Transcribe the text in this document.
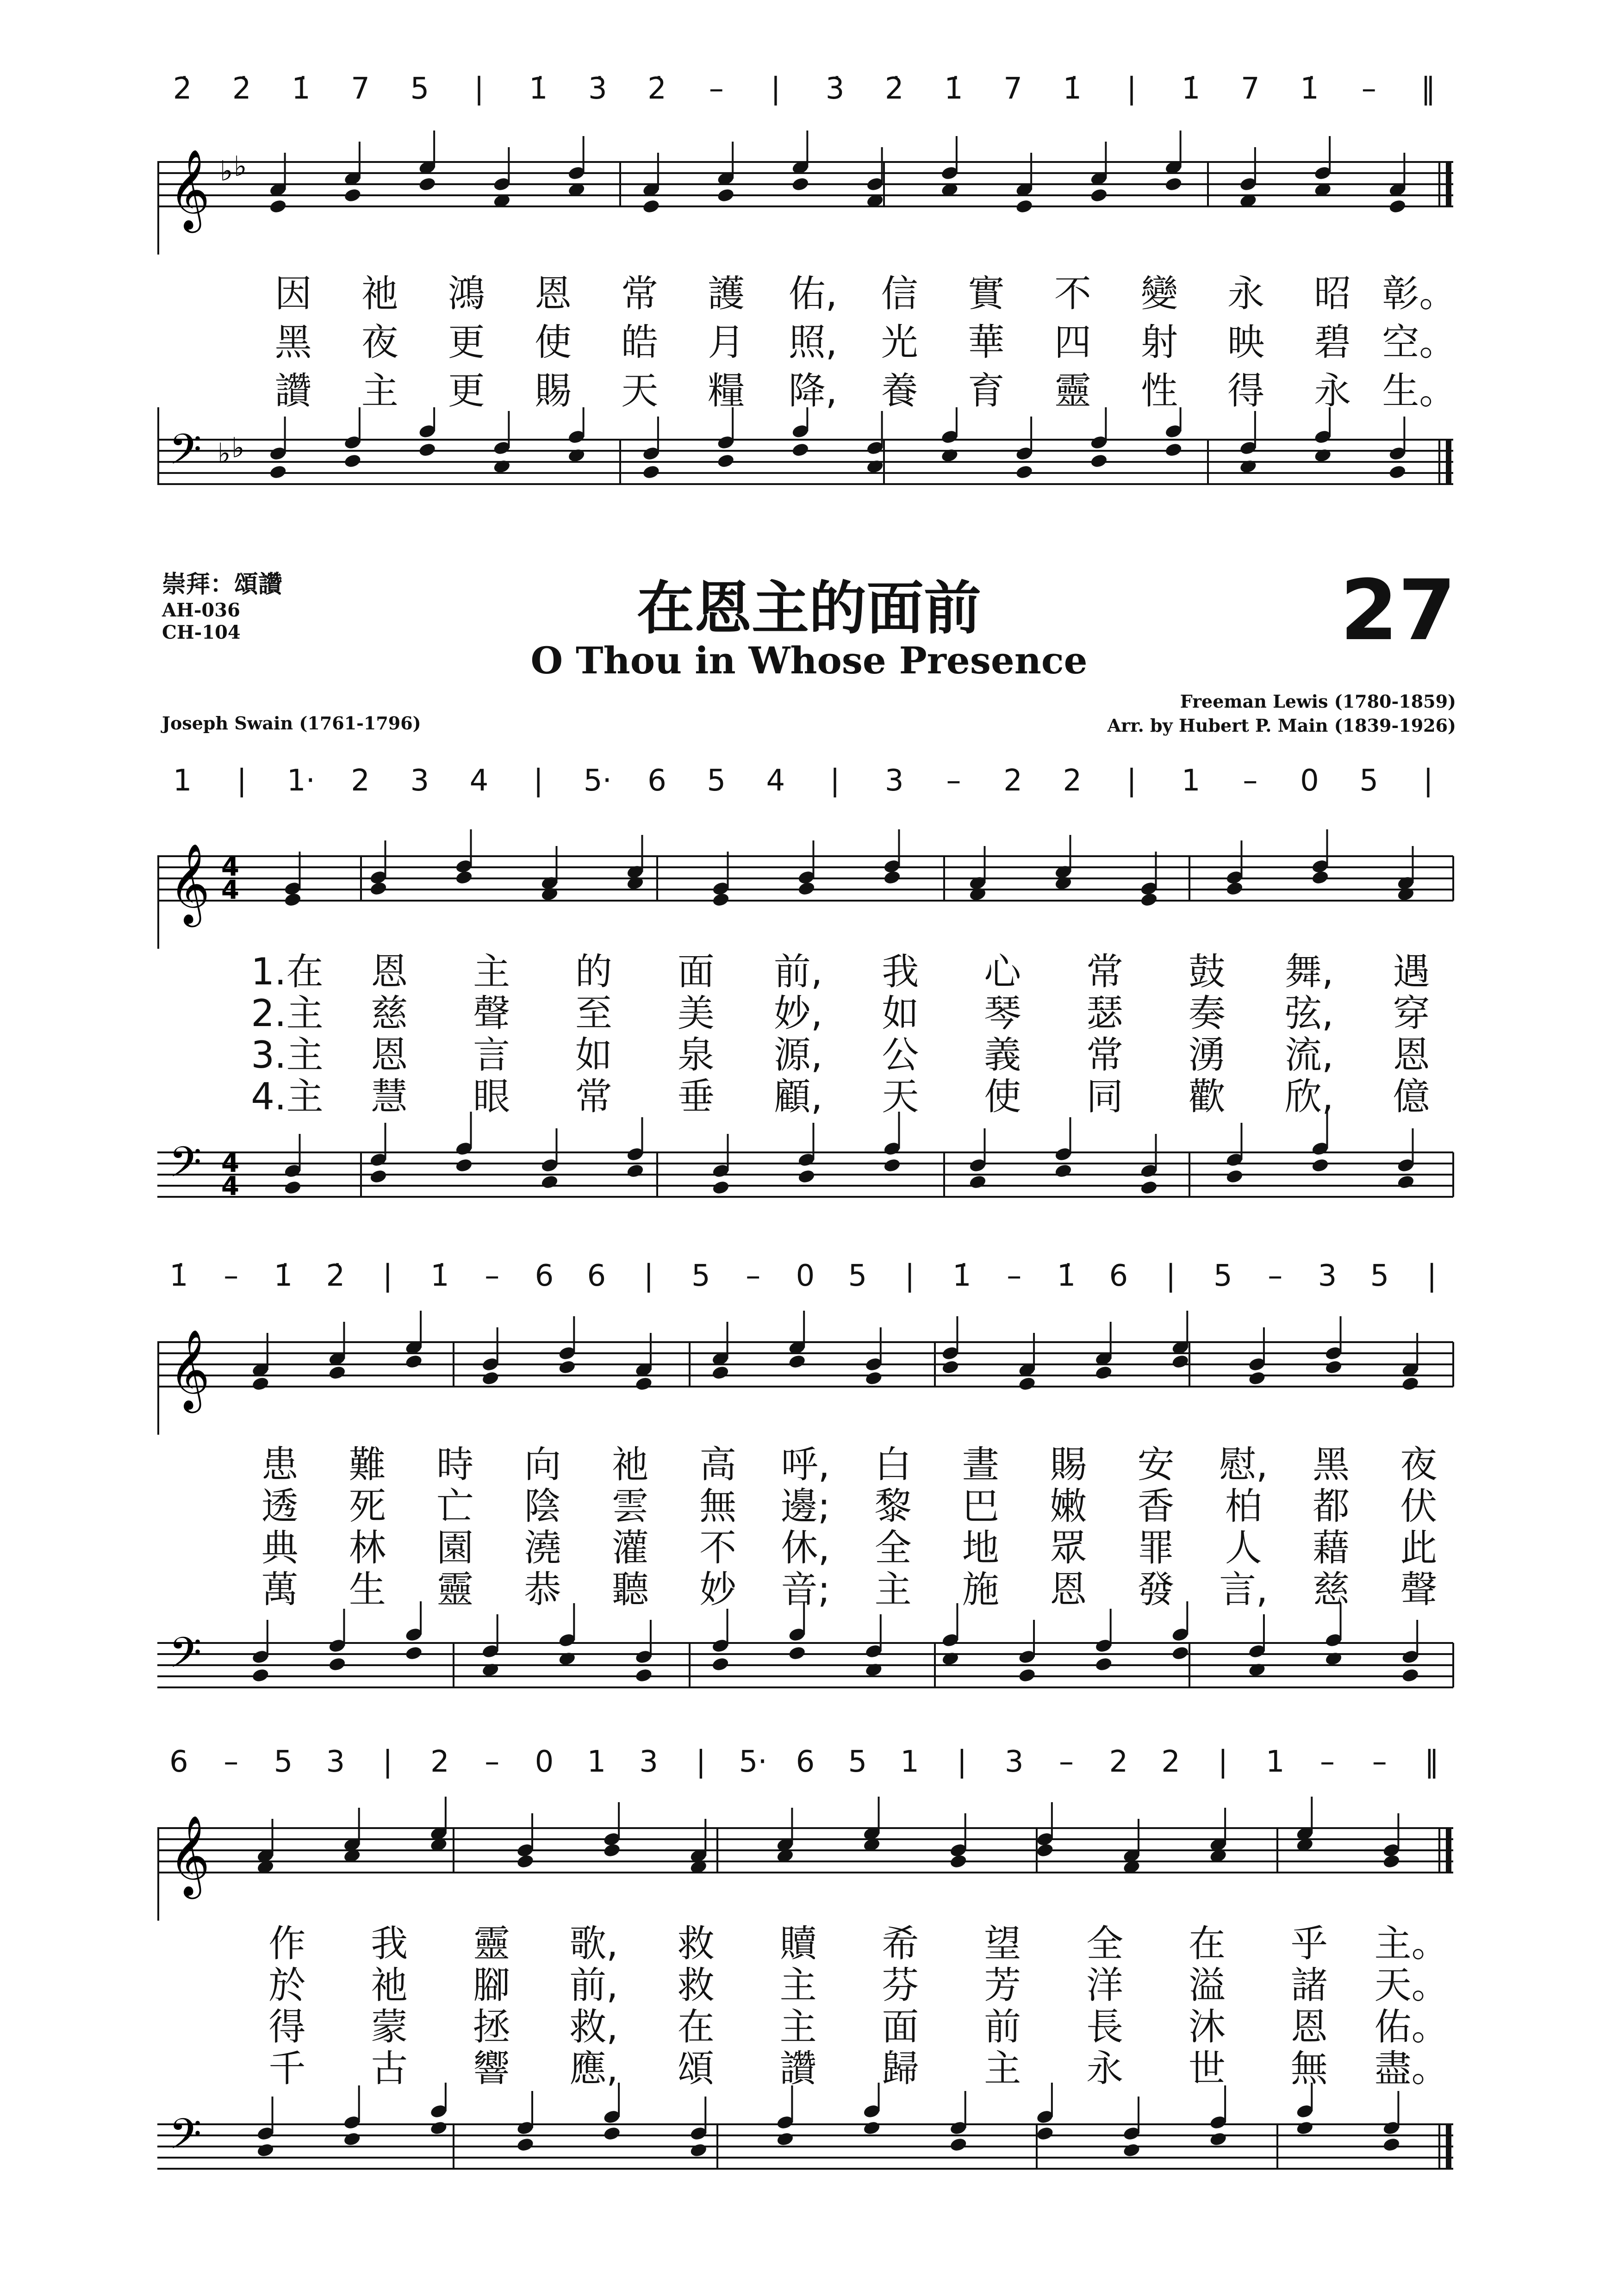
2̇ 2̇ 1̇ 7 5 | 1̇ 3̇ 2̇ – | 3̇ 2̇ 1̇ 7 1̇ | 1̇ 7 1̇ – ‖
𝄞 ♭ ♭
因 祂 鴻 恩 常 護 佑, 信 實 不 變 永 昭 彰。
黑 夜 更 使 皓 月 照, 光 華 四 射 映 碧 空。
讚 主 更 賜 天 糧 降, 養 育 靈 性 得 永 生。
𝄢 ♭ ♭
崇拜：頌讚
AH-036
CH-104	在恩主的面前
O Thou in Whose Presence
27
Freeman Lewis (1780-1859)
Arr. by Hubert P. Main (1839-1926)
Joseph Swain (1761-1796)
1 | 1· 2 3 4 | 5· 6 5 4 | 3 – 2 2 | 1 – 0 5 |
𝄞 4
4
1.在 恩 主 的 面 前, 我 心 常 鼓 舞, 遇
2.主 慈 聲 至 美 妙, 如 琴 瑟 奏 弦, 穿
3.主 恩 言 如 泉 源, 公 義 常 湧 流, 恩
4.主 慧 眼 常 垂 顧, 天 使 同 歡 欣, 億
𝄢 4
4
1̇ – 1̇ 2̇ | 1̇ – 6 6 | 5 – 0 5 | 1̇ – 1̇ 6 | 5 – 3 5 |
𝄞
患 難 時 向 祂 高 呼, 白 晝 賜 安 慰, 黑 夜
透 死 亡 陰 雲 無 邊; 黎 巴 嫩 香 柏 都 伏
典 林 園 澆 灌 不 休, 全 地 眾 罪 人 藉 此
萬 生 靈 恭 聽 妙 音; 主 施 恩 發 言, 慈 聲
𝄢
6 – 5 3 | 2 – 0 1 3 | 5· 6 5 1 | 3 – 2 2 | 1 – – ‖
𝄞
作 我 靈 歌, 救 贖 希 望 全 在 乎 主。
於 祂 腳 前, 救 主 芬 芳 洋 溢 諸 天。
得 蒙 拯 救, 在 主 面 前 長 沐 恩 佑。
千 古 響 應, 頌 讚 歸 主 永 世 無 盡。
𝄢
